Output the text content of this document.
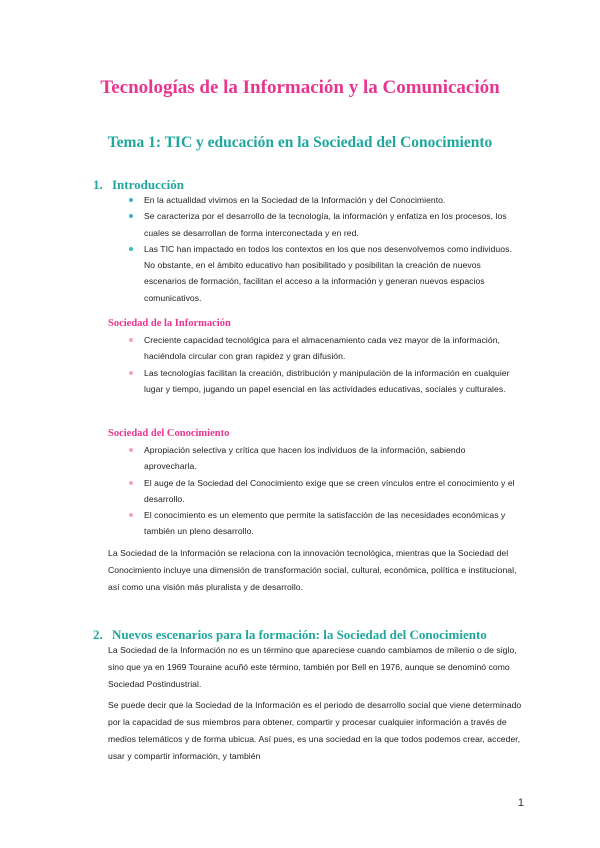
Tecnologías de la Información y la Comunicación
Tema 1: TIC y educación en la Sociedad del Conocimiento
1. Introducción
En la actualidad vivimos en la Sociedad de la Información y del Conocimiento.
Se caracteriza por el desarrollo de la tecnología, la información y enfatiza en los procesos, los cuales se desarrollan de forma interconectada y en red.
Las TIC han impactado en todos los contextos en los que nos desenvolvemos como individuos. No obstante, en el ámbito educativo han posibilitado y posibilitan la creación de nuevos escenarios de formación, facilitan el acceso a la información y generan nuevos espacios comunicativos.
Sociedad de la Información
Creciente capacidad tecnológica para el almacenamiento cada vez mayor de la información, haciéndola circular con gran rapidez y gran difusión.
Las tecnologías facilitan la creación, distribución y manipulación de la información en cualquier lugar y tiempo, jugando un papel esencial en las actividades educativas, sociales y culturales.
Sociedad del Conocimiento
Apropiación selectiva y crítica que hacen los individuos de la información, sabiendo aprovecharla.
El auge de la Sociedad del Conocimiento exige que se creen vínculos entre el conocimiento y el desarrollo.
El conocimiento es un elemento que permite la satisfacción de las necesidades económicas y también un pleno desarrollo.

La Sociedad de la Información se relaciona con la innovación tecnológica, mientras que la Sociedad del Conocimiento incluye una dimensión de transformación social, cultural, económica, política e institucional, así como una visión más pluralista y de desarrollo.

2. Nuevos escenarios para la formación: la Sociedad del Conocimiento

La Sociedad de la Información no es un término que apareciese cuando cambiamos de milenio o de siglo, sino que ya en 1969 Touraine acuñó este término, también por Bell en 1976, aunque se denominó como Sociedad Postindustrial.

Se puede decir que la Sociedad de la Información es el periodo de desarrollo social que viene determinado por la capacidad de sus miembros para obtener, compartir y procesar cualquier información a través de medios telemáticos y de forma ubicua. Así pues, es una sociedad en la que todos podemos crear, acceder, usar y compartir información, y también

1
